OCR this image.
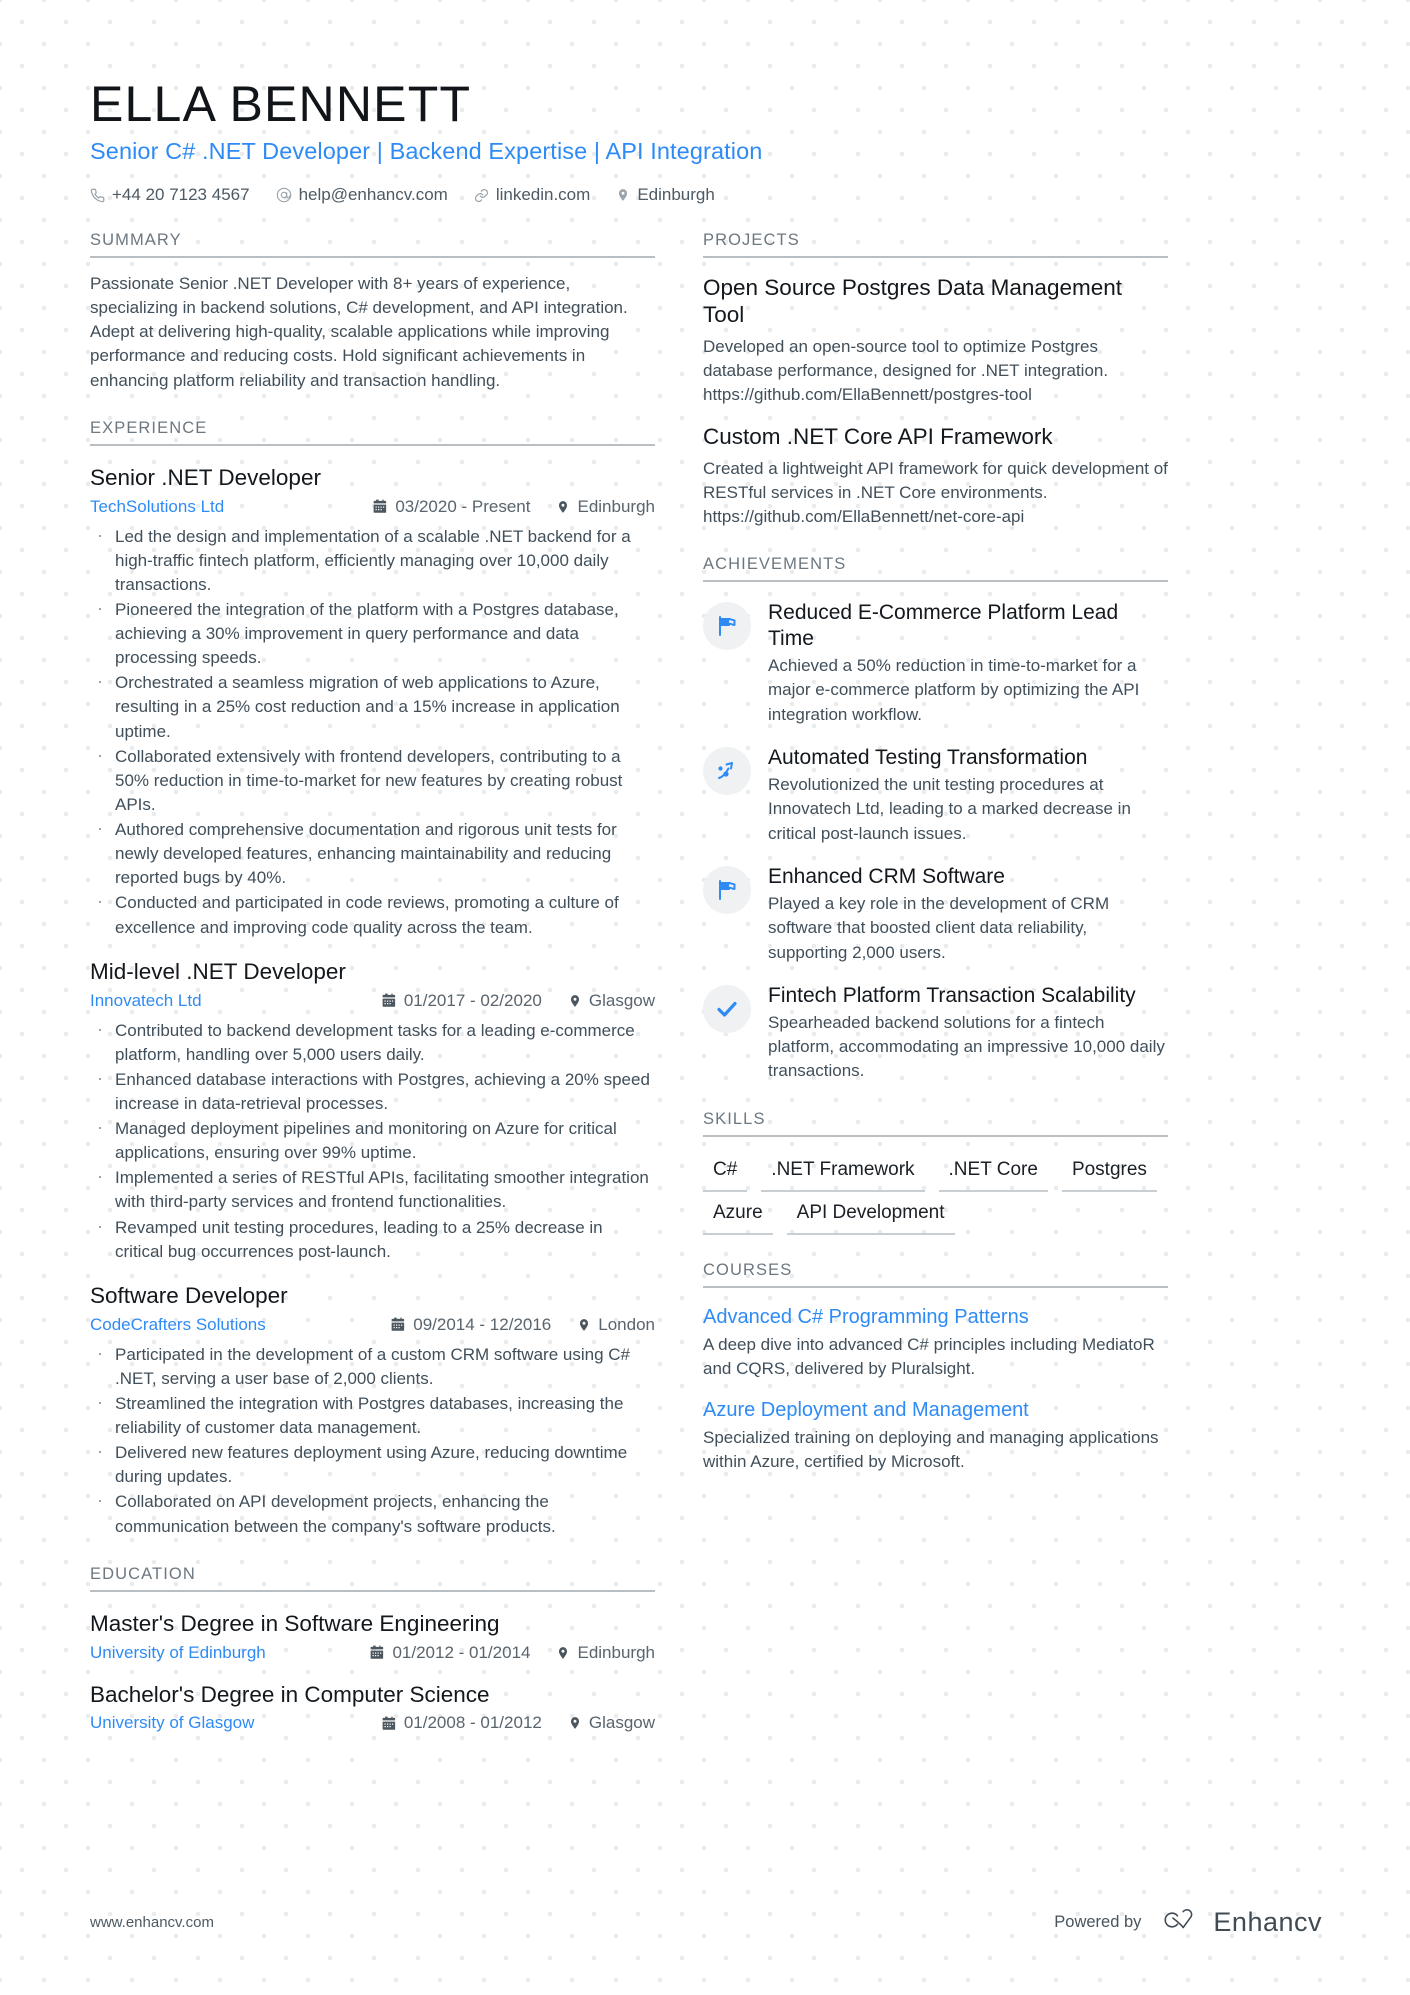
ELLA BENNETT
Senior C# .NET Developer | Backend Expertise | API Integration
+44 20 7123 4567	help@enhancv.com	linkedin.com	Edinburgh
SUMMARY
Passionate Senior .NET Developer with 8+ years of experience, specializing in backend solutions, C# development, and API integration. Adept at delivering high-quality, scalable applications while improving performance and reducing costs. Hold significant achievements in enhancing platform reliability and transaction handling.
EXPERIENCE
Senior .NET Developer
TechSolutions Ltd	03/2020 - Present	Edinburgh
· Led the design and implementation of a scalable .NET backend for a high-traffic fintech platform, efficiently managing over 10,000 daily transactions.
· Pioneered the integration of the platform with a Postgres database, achieving a 30% improvement in query performance and data processing speeds.
· Orchestrated a seamless migration of web applications to Azure, resulting in a 25% cost reduction and a 15% increase in application uptime.
· Collaborated extensively with frontend developers, contributing to a 50% reduction in time-to-market for new features by creating robust APIs.
· Authored comprehensive documentation and rigorous unit tests for newly developed features, enhancing maintainability and reducing reported bugs by 40%.
· Conducted and participated in code reviews, promoting a culture of excellence and improving code quality across the team.
Mid-level .NET Developer
Innovatech Ltd	01/2017 - 02/2020	Glasgow
· Contributed to backend development tasks for a leading e-commerce platform, handling over 5,000 users daily.
· Enhanced database interactions with Postgres, achieving a 20% speed increase in data-retrieval processes.
· Managed deployment pipelines and monitoring on Azure for critical applications, ensuring over 99% uptime.
· Implemented a series of RESTful APIs, facilitating smoother integration with third-party services and frontend functionalities.
· Revamped unit testing procedures, leading to a 25% decrease in critical bug occurrences post-launch.
Software Developer
CodeCrafters Solutions	09/2014 - 12/2016	London
· Participated in the development of a custom CRM software using C# .NET, serving a user base of 2,000 clients.
· Streamlined the integration with Postgres databases, increasing the reliability of customer data management.
· Delivered new features deployment using Azure, reducing downtime during updates.
· Collaborated on API development projects, enhancing the communication between the company's software products.
EDUCATION
Master's Degree in Software Engineering
University of Edinburgh	01/2012 - 01/2014	Edinburgh
Bachelor's Degree in Computer Science
University of Glasgow	01/2008 - 01/2012	Glasgow
PROJECTS
Open Source Postgres Data Management Tool
Developed an open-source tool to optimize Postgres database performance, designed for .NET integration. https://github.com/EllaBennett/postgres-tool
Custom .NET Core API Framework
Created a lightweight API framework for quick development of RESTful services in .NET Core environments. https://github.com/EllaBennett/net-core-api
ACHIEVEMENTS
Reduced E-Commerce Platform Lead Time
Achieved a 50% reduction in time-to-market for a major e-commerce platform by optimizing the API integration workflow.
Automated Testing Transformation
Revolutionized the unit testing procedures at Innovatech Ltd, leading to a marked decrease in critical post-launch issues.
Enhanced CRM Software
Played a key role in the development of CRM software that boosted client data reliability, supporting 2,000 users.
Fintech Platform Transaction Scalability
Spearheaded backend solutions for a fintech platform, accommodating an impressive 10,000 daily transactions.
SKILLS
C#	.NET Framework	.NET Core	Postgres
Azure	API Development
COURSES
Advanced C# Programming Patterns
A deep dive into advanced C# principles including MediatoR and CQRS, delivered by Pluralsight.
Azure Deployment and Management
Specialized training on deploying and managing applications within Azure, certified by Microsoft.
www.enhancv.com	Powered by	Enhancv
